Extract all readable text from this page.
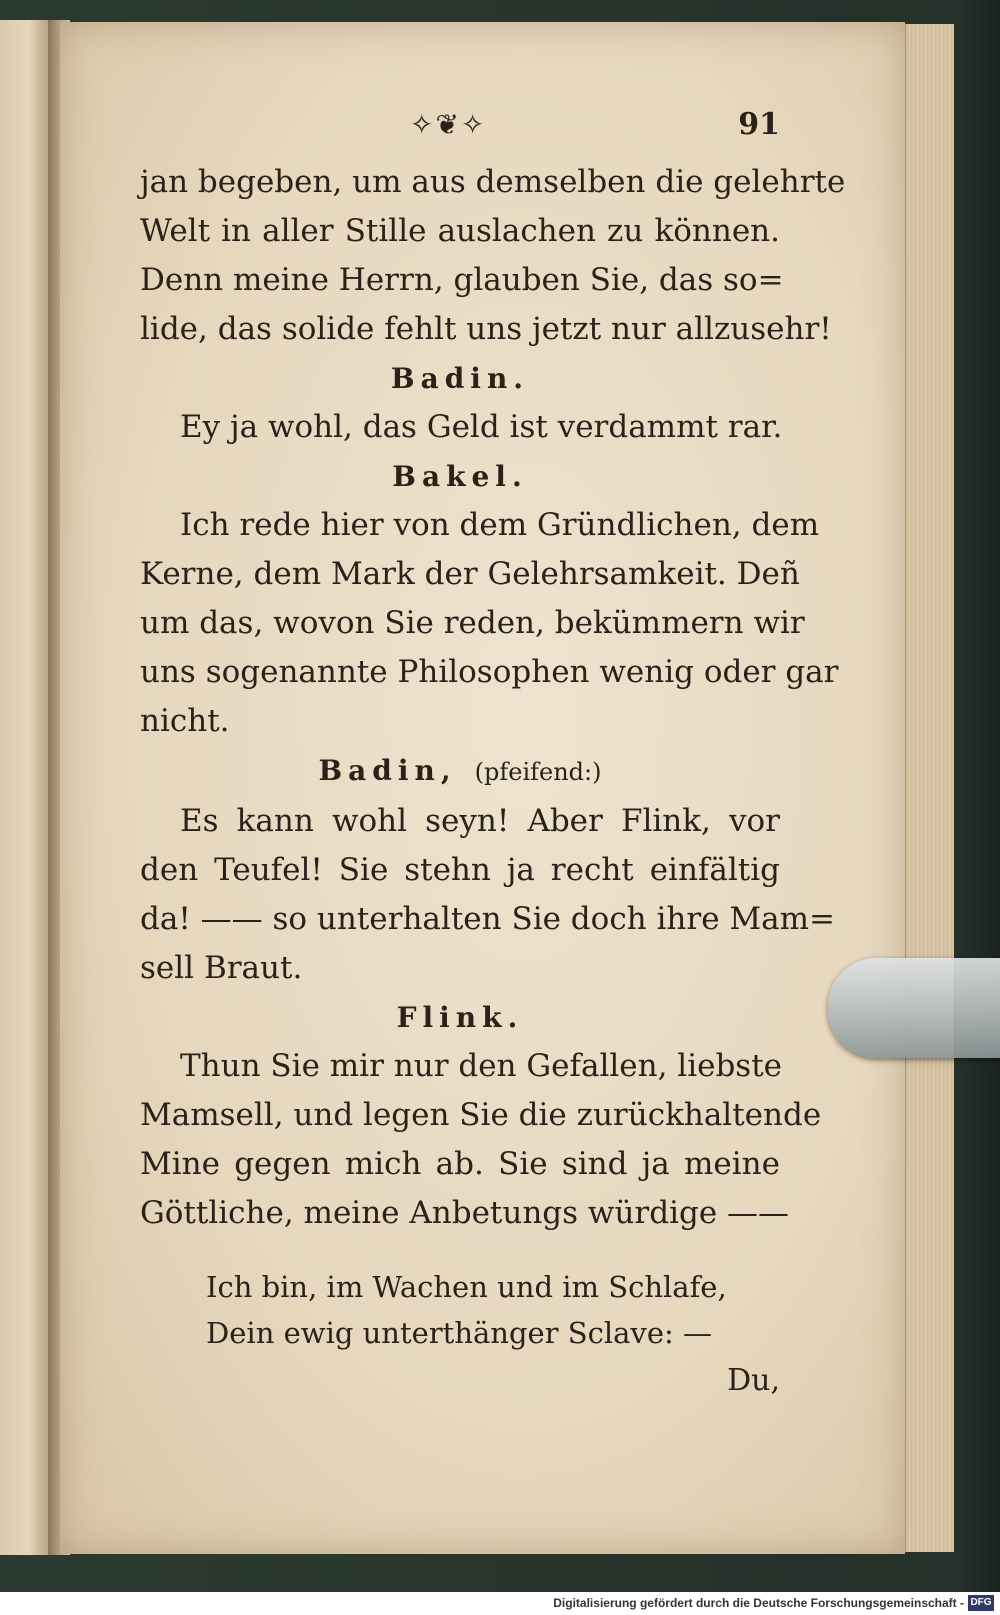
✧❦✧	91
jan begeben, um aus demselben die gelehrte
Welt in aller Stille auslachen zu können.
Denn meine Herrn, glauben Sie, das so=
lide, das solide fehlt uns jetzt nur allzusehr!
Badin.
Ey ja wohl, das Geld ist verdammt rar.
Bakel.
Ich rede hier von dem Gründlichen, dem
Kerne, dem Mark der Gelehrsamkeit. Deñ
um das, wovon Sie reden, bekümmern wir
uns sogenannte Philosophen wenig oder gar
nicht.
Badin, (pfeifend:)
Es kann wohl seyn! Aber Flink, vor
den Teufel! Sie stehn ja recht einfältig
da! —— so unterhalten Sie doch ihre Mam=
sell Braut.
Flink.
Thun Sie mir nur den Gefallen, liebste
Mamsell, und legen Sie die zurückhaltende
Mine gegen mich ab. Sie sind ja meine
Göttliche, meine Anbetungs würdige ——
Ich bin, im Wachen und im Schlafe,
Dein ewig unterthänger Sclave: —
Du,
Digitalisierung gefördert durch die Deutsche Forschungsgemeinschaft - DFG
